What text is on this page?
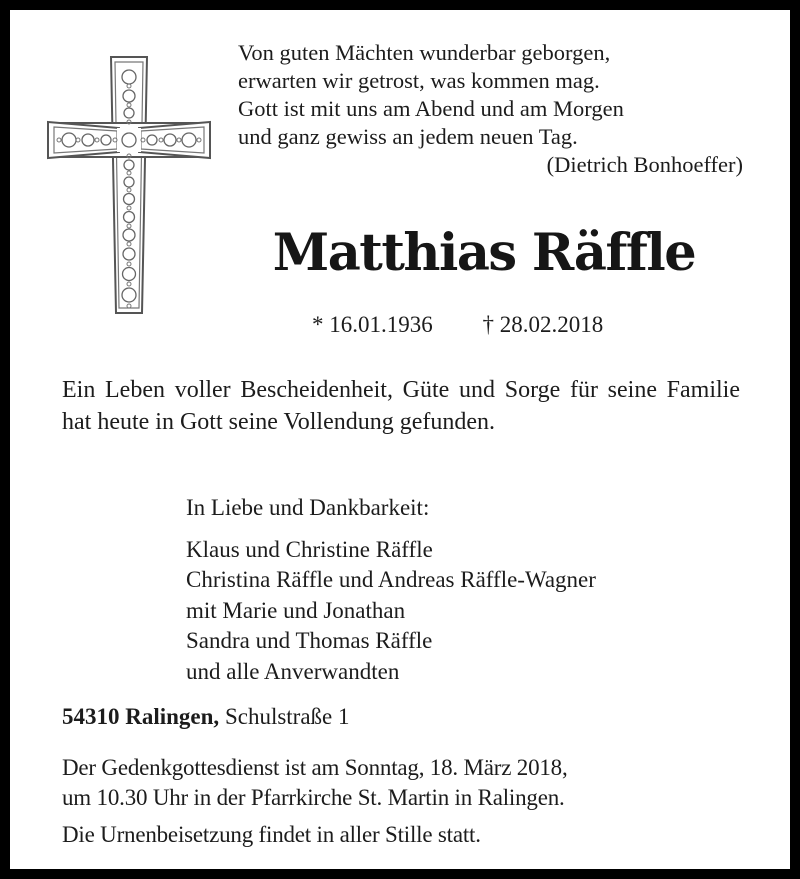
Von guten Mächten wunderbar geborgen,
erwarten wir getrost, was kommen mag.
Gott ist mit uns am Abend und am Morgen
und ganz gewiss an jedem neuen Tag.
(Dietrich Bonhoeffer)
Matthias Räffle
* 16.01.1936 † 28.02.2018
Ein Leben voller Bescheidenheit, Güte und Sorge für seine Familie hat heute in Gott seine Vollendung gefunden.
In Liebe und Dankbarkeit:
Klaus und Christine Räffle
Christina Räffle und Andreas Räffle-Wagner
mit Marie und Jonathan
Sandra und Thomas Räffle
und alle Anverwandten
54310 Ralingen, Schulstraße 1
Der Gedenkgottesdienst ist am Sonntag, 18. März 2018,
um 10.30 Uhr in der Pfarrkirche St. Martin in Ralingen.
Die Urnenbeisetzung findet in aller Stille statt.
